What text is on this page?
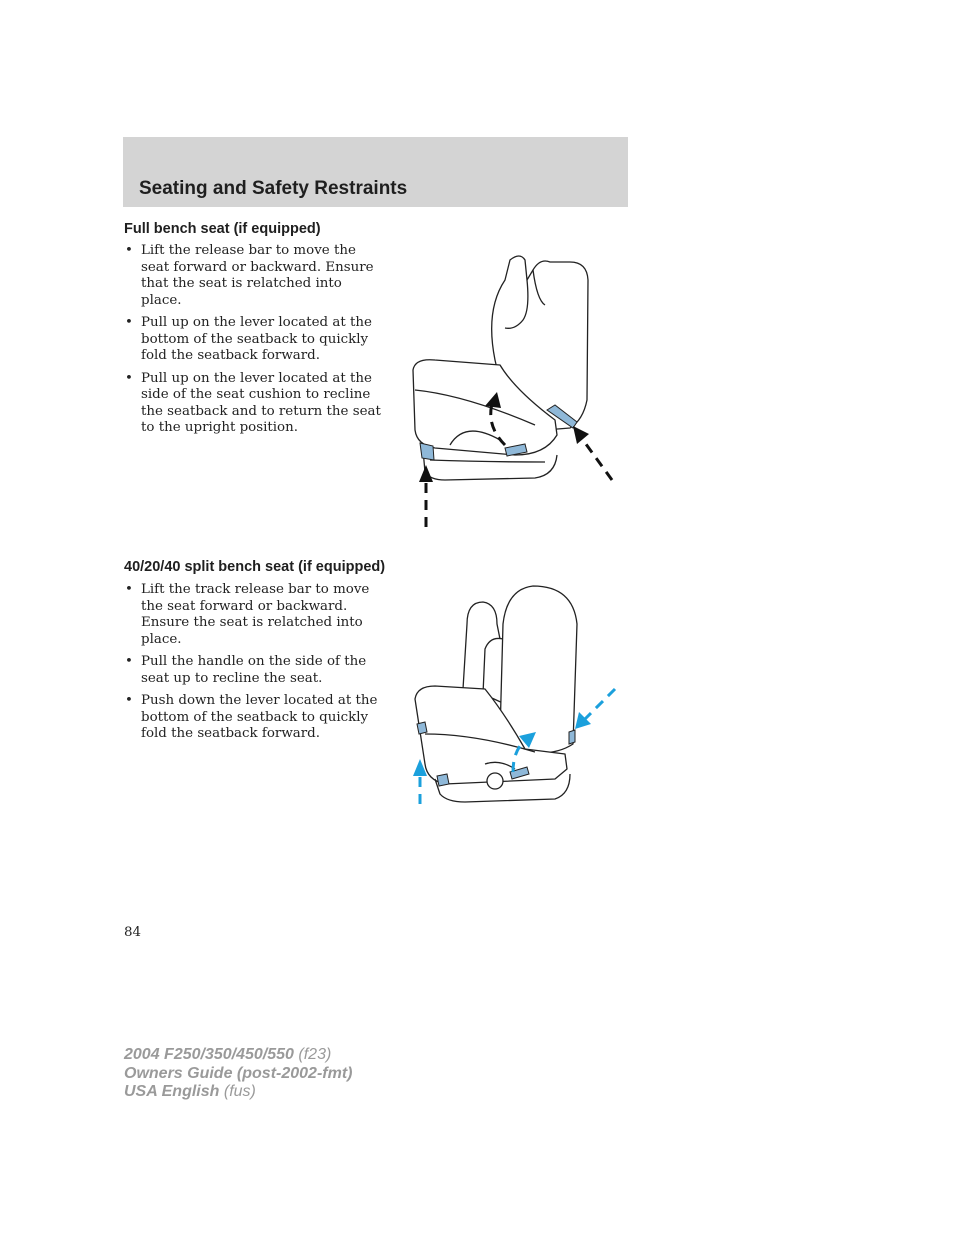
Seating and Safety Restraints
Full bench seat (if equipped)
• Lift the release bar to move the seat forward or backward. Ensure that the seat is relatched into place.
• Pull up on the lever located at the bottom of the seatback to quickly fold the seatback forward.
• Pull up on the lever located at the side of the seat cushion to recline the seatback and to return the seat to the upright position.
40/20/40 split bench seat (if equipped)
• Lift the track release bar to move the seat forward or backward. Ensure the seat is relatched into place.
• Pull the handle on the side of the seat up to recline the seat.
• Push down the lever located at the bottom of the seatback to quickly fold the seatback forward.
84
2004 F250/350/450/550 (f23)
Owners Guide (post-2002-fmt)
USA English (fus)
